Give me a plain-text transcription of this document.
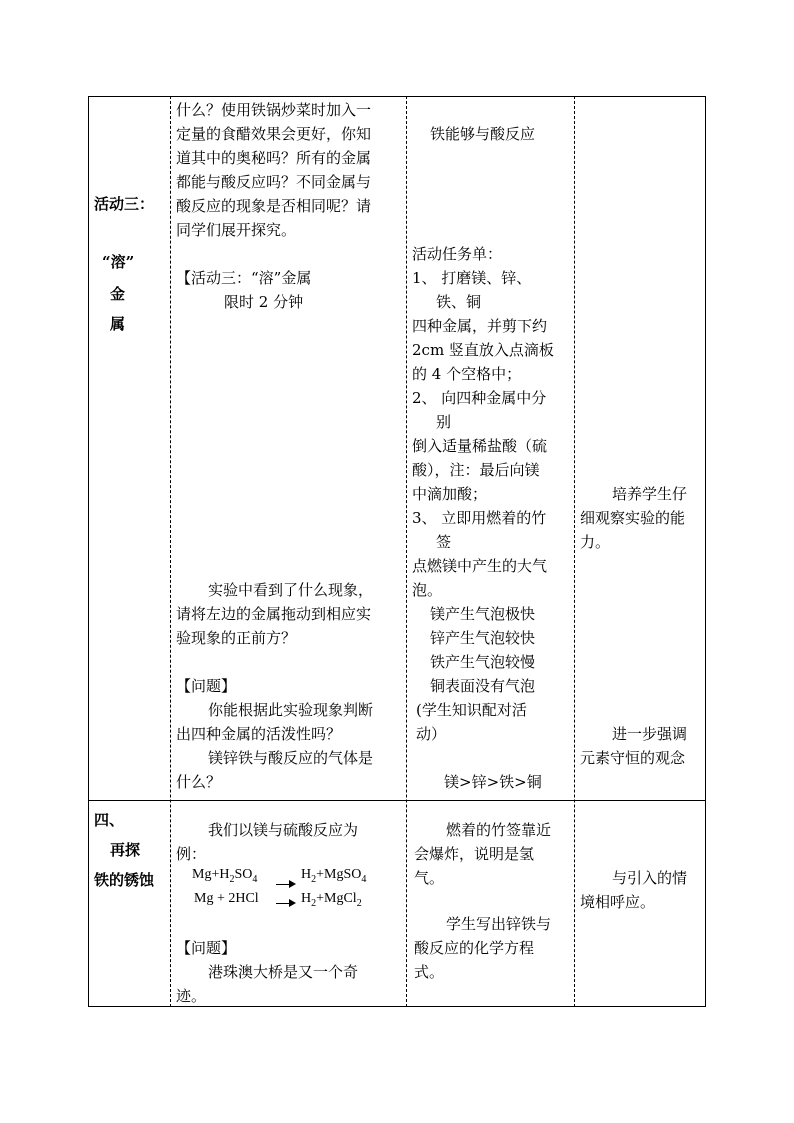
活动三：
“溶”
金
属
什么？使用铁锅炒菜时加入一
定量的食醋效果会更好，你知
道其中的奥秘吗？所有的金属
都能与酸反应吗？不同金属与
酸反应的现象是否相同呢？请
同学们展开探究。
【活动三：“溶”金属
限时 2 分钟
实验中看到了什么现象，
请将左边的金属拖动到相应实
验现象的正前方？
【问题】
你能根据此实验现象判断
出四种金属的活泼性吗？
镁锌铁与酸反应的气体是
什么？
铁能够与酸反应
活动任务单：
1、 打磨镁、锌、
铁、铜
四种金属，并剪下约
2cm 竖直放入点滴板
的 4 个空格中；
2、 向四种金属中分
别
倒入适量稀盐酸（硫
酸），注：最后向镁
中滴加酸；
3、 立即用燃着的竹
签
点燃镁中产生的大气
泡。
镁产生气泡极快
锌产生气泡较快
铁产生气泡较慢
铜表面没有气泡
(学生知识配对活
动）
镁>锌>铁>铜
培养学生仔
细观察实验的能
力。
进一步强调
元素守恒的观念
四、
再探
铁的锈蚀
我们以镁与硫酸反应为
例：
$Mg+H_2SO_4$ →
$H_2+MgSO_4$
$Mg + 2HCl \to H_2+MgCl_2$
【问题】
港珠澳大桥是又一个奇
迹。
燃着的竹签靠近
会爆炸，说明是氢
气。
学生写出锌铁与
酸反应的化学方程
式。
与引入的情
境相呼应。
